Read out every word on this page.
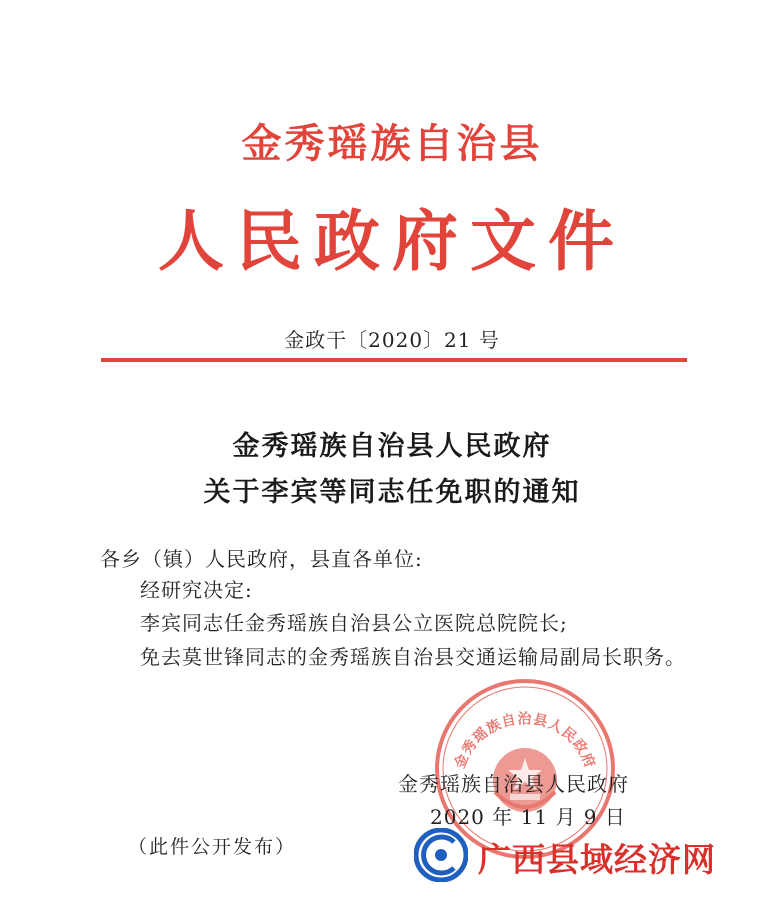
金秀瑶族自治县
人民政府文件
金政干〔2020〕21 号
金秀瑶族自治县人民政府
关于李宾等同志任免职的通知
各乡（镇）人民政府，县直各单位:
经研究决定:
李宾同志任金秀瑶族自治县公立医院总院院长;
免去莫世锋同志的金秀瑶族自治县交通运输局副局长职务。
金秀瑶族自治县人民政府
金秀瑶族自治县人民政府
2020 年 11 月 9 日
（此件公开发布）	广西县域经济网
